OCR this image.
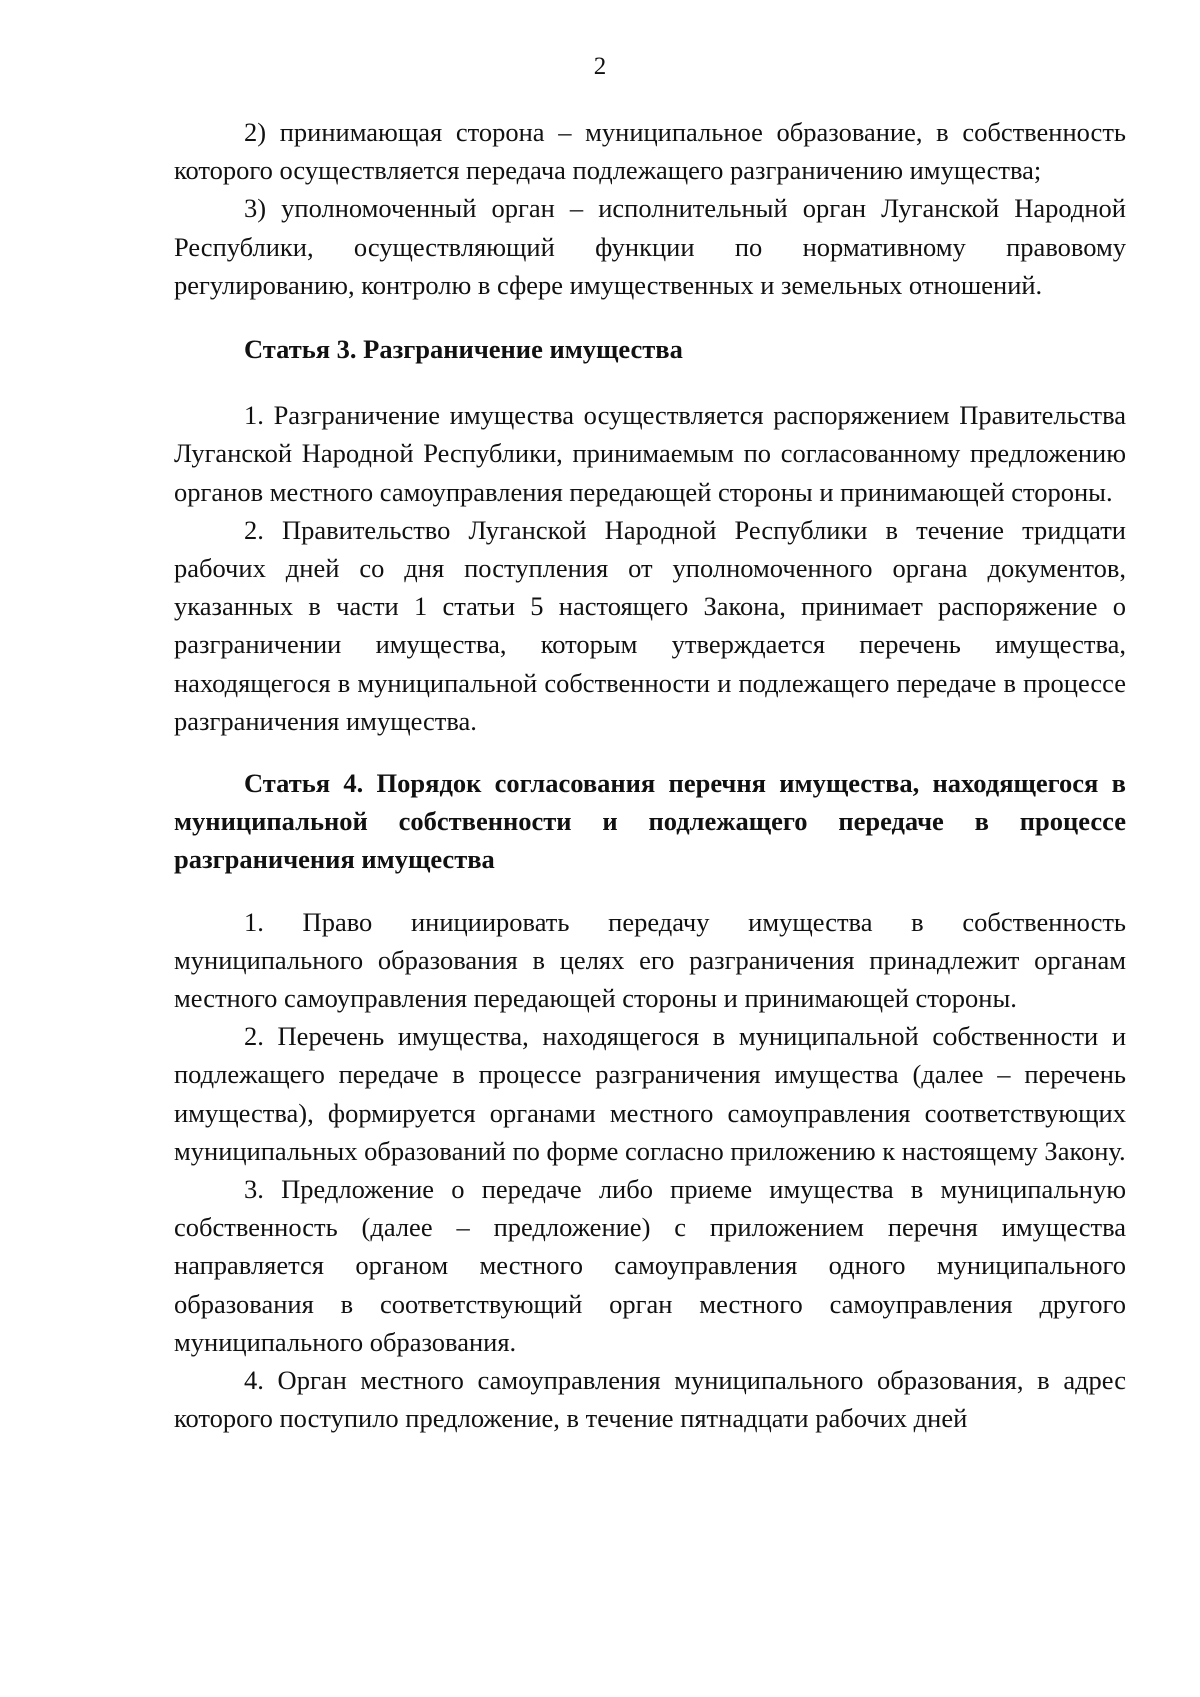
2

2) принимающая сторона – муниципальное образование, в собственность которого осуществляется передача подлежащего разграничению имущества;

3) уполномоченный орган – исполнительный орган Луганской Народной Республики, осуществляющий функции по нормативному правовому регулированию, контролю в сфере имущественных и земельных отношений.

Статья 3. Разграничение имущества

1. Разграничение имущества осуществляется распоряжением Правительства Луганской Народной Республики, принимаемым по согласованному предложению органов местного самоуправления передающей стороны и принимающей стороны.

2. Правительство Луганской Народной Республики в течение тридцати рабочих дней со дня поступления от уполномоченного органа документов, указанных в части 1 статьи 5 настоящего Закона, принимает распоряжение о разграничении имущества, которым утверждается перечень имущества, находящегося в муниципальной собственности и подлежащего передаче в процессе разграничения имущества.

Статья 4. Порядок согласования перечня имущества, находящегося в муниципальной собственности и подлежащего передаче в процессе разграничения имущества

1. Право инициировать передачу имущества в собственность муниципального образования в целях его разграничения принадлежит органам местного самоуправления передающей стороны и принимающей стороны.

2. Перечень имущества, находящегося в муниципальной собственности и подлежащего передаче в процессе разграничения имущества (далее – перечень имущества), формируется органами местного самоуправления соответствующих муниципальных образований по форме согласно приложению к настоящему Закону.

3. Предложение о передаче либо приеме имущества в муниципальную собственность (далее – предложение) с приложением перечня имущества направляется органом местного самоуправления одного муниципального образования в соответствующий орган местного самоуправления другого муниципального образования.

4. Орган местного самоуправления муниципального образования, в адрес которого поступило предложение, в течение пятнадцати рабочих дней
